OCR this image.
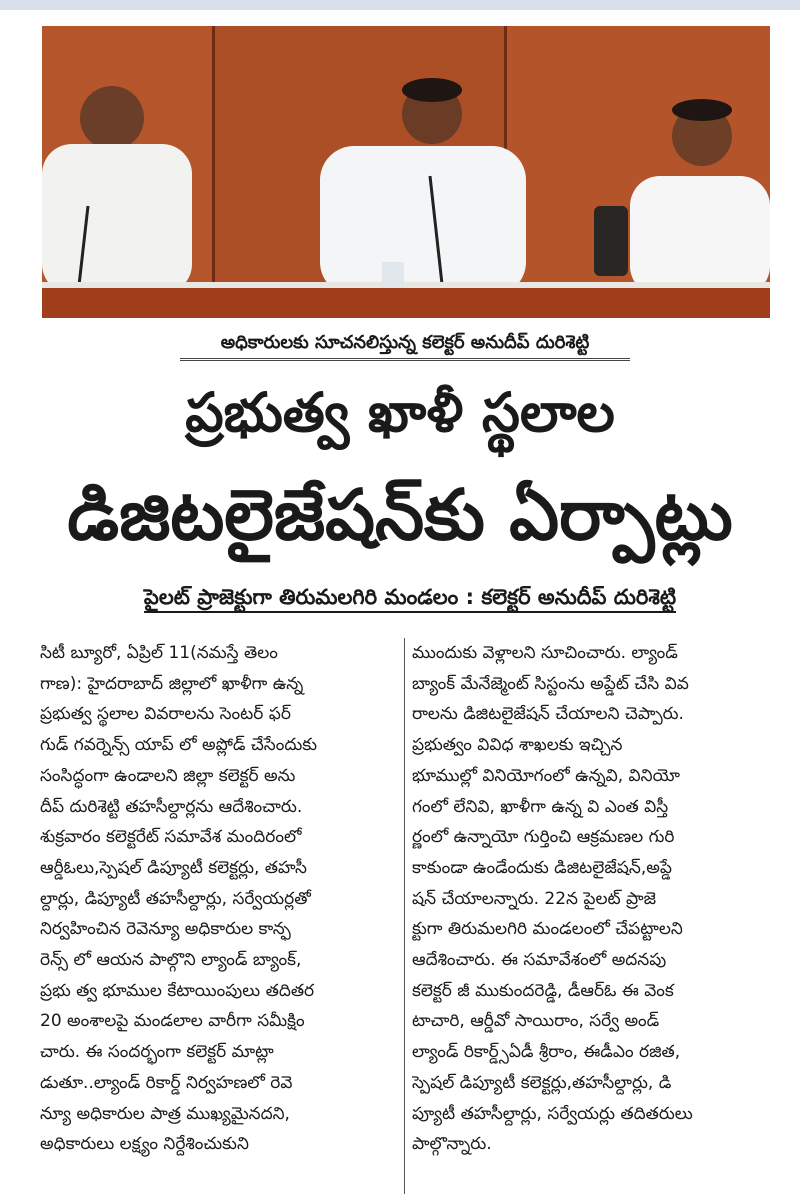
అధికారులకు సూచనలిస్తున్న కలెక్టర్ అనుదీప్ దురిశెట్టి
ప్రభుత్వ ఖాళీ స్థలాల
డిజిటలైజేషన్‌కు ఏర్పాట్లు
పైలట్ ప్రాజెక్టుగా తిరుమలగిరి మండలం : కలెక్టర్ అనుదీప్ దురిశెట్టి
సిటీ బ్యూరో, ఏప్రిల్ 11(నమస్తే తెలం
గాణ): హైదరాబాద్ జిల్లాలో ఖాళీగా ఉన్న
ప్రభుత్వ స్థలాల వివరాలను సెంటర్ ఫర్
గుడ్ గవర్నెన్స్ యాప్ లో అప్లోడ్ చేసేందుకు
సంసిద్ధంగా ఉండాలని జిల్లా కలెక్టర్ అను
దీప్ దురిశెట్టి తహసీల్దార్లను ఆదేశించారు.
శుక్రవారం కలెక్టరేట్ సమావేశ మందిరంలో
ఆర్డీఓలు,స్పెషల్ డిప్యూటీ కలెక్టర్లు, తహసీ
ల్దార్లు, డిప్యూటీ తహసీల్దార్లు, సర్వేయర్లతో
నిర్వహించిన రెవెన్యూ అధికారుల కాన్ఫ
రెన్స్ లో ఆయన పాల్గొని ల్యాండ్ బ్యాంక్,
ప్రభు త్వ భూముల కేటాయింపులు తదితర
20 అంశాలపై మండలాల వారీగా సమీక్షిం
చారు. ఈ సందర్భంగా కలెక్టర్ మాట్లా
డుతూ..ల్యాండ్ రికార్డ్ నిర్వహణలో రెవె
న్యూ అధికారుల పాత్ర ముఖ్యమైనదని,
అధికారులు లక్ష్యం నిర్దేశించుకుని
ముందుకు వెళ్లాలని సూచించారు. ల్యాండ్
బ్యాంక్ మేనేజ్మెంట్ సిస్టంను అప్డేట్ చేసి వివ
రాలను డిజిటలైజేషన్ చేయాలని చెప్పారు.
ప్రభుత్వం వివిధ శాఖలకు ఇచ్చిన
భూముల్లో వినియోగంలో ఉన్నవి, వినియో
గంలో లేనివి, ఖాళీగా ఉన్న వి ఎంత విస్తీ
ర్ణంలో ఉన్నాయో గుర్తించి ఆక్రమణల గురి
కాకుండా ఉండేందుకు డిజిటలైజేషన్,అప్డే
షన్ చేయాలన్నారు. 22న పైలట్ ప్రాజె
క్టుగా తిరుమలగిరి మండలంలో చేపట్టాలని
ఆదేశించారు. ఈ సమావేశంలో అదనపు
కలెక్టర్ జీ ముకుందరెడ్డి, డీఆర్ఓ ఈ వెంక
టాచారి, ఆర్డీవో సాయిరాం, సర్వే అండ్
ల్యాండ్ రికార్డ్స్ఏడీ శ్రీరాం, ఈడీఎం రజిత,
స్పెషల్ డిప్యూటీ కలెక్టర్లు,తహసీల్దార్లు, డి
ప్యూటీ తహసీల్దార్లు, సర్వేయర్లు తదితరులు
పాల్గొన్నారు.
